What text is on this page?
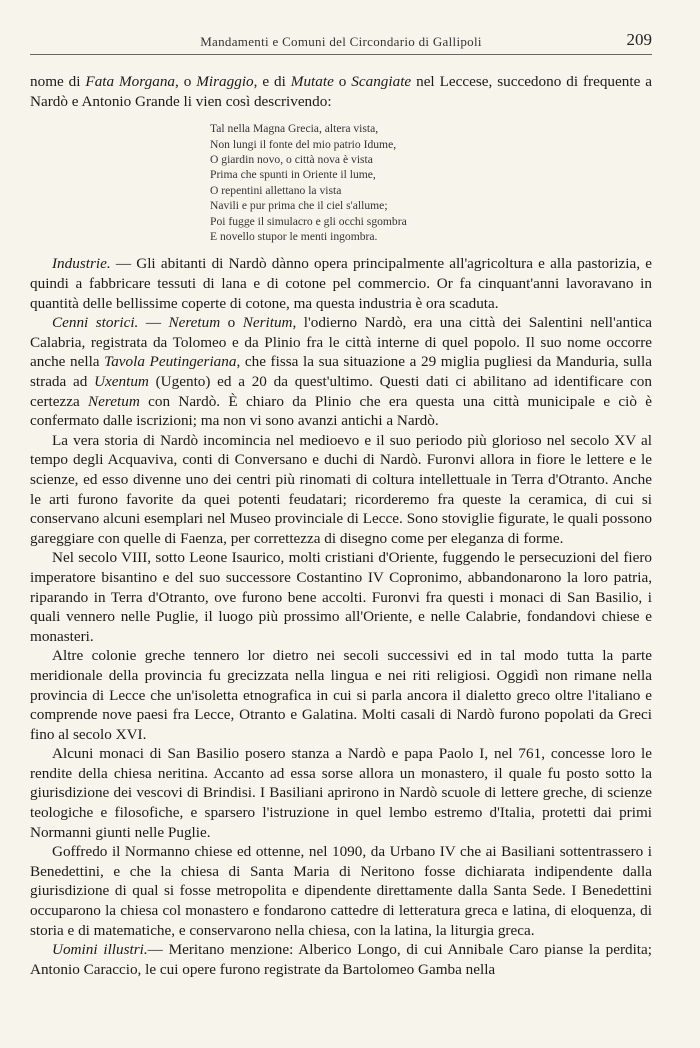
Mandamenti e Comuni del Circondario di Gallipoli	209

nome di Fata Morgana, o Miraggio, e di Mutate o Scangiate nel Leccese, succedono di frequente a Nardò e Antonio Grande li vien così descrivendo:

Tal nella Magna Grecia, altera vista,
Non lungi il fonte del mio patrio Idume,
O giardin novo, o città nova è vista
Prima che spunti in Oriente il lume,
O repentini allettano la vista
Navili e pur prima che il ciel s'allume;
Poi fugge il simulacro e gli occhi sgombra
E novello stupor le menti ingombra.

Industrie. — Gli abitanti di Nardò dànno opera principalmente all'agricoltura e alla pastorizia, e quindi a fabbricare tessuti di lana e di cotone pel commercio. Or fa cinquant'anni lavoravano in quantità delle bellissime coperte di cotone, ma questa industria è ora scaduta.

Cenni storici. — Neretum o Neritum, l'odierno Nardò, era una città dei Salentini nell'antica Calabria, registrata da Tolomeo e da Plinio fra le città interne di quel popolo. Il suo nome occorre anche nella Tavola Peutingeriana, che fissa la sua situazione a 29 miglia pugliesi da Manduria, sulla strada ad Uxentum (Ugento) ed a 20 da quest'ultimo. Questi dati ci abilitano ad identificare con certezza Neretum con Nardò. È chiaro da Plinio che era questa una città municipale e ciò è confermato dalle iscrizioni; ma non vi sono avanzi antichi a Nardò.

La vera storia di Nardò incomincia nel medioevo e il suo periodo più glorioso nel secolo XV al tempo degli Acquaviva, conti di Conversano e duchi di Nardò. Furonvi allora in fiore le lettere e le scienze, ed esso divenne uno dei centri più rinomati di coltura intellettuale in Terra d'Otranto. Anche le arti furono favorite da quei potenti feudatari; ricorderemo fra queste la ceramica, di cui si conservano alcuni esemplari nel Museo provinciale di Lecce. Sono stoviglie figurate, le quali possono gareggiare con quelle di Faenza, per correttezza di disegno come per eleganza di forme.

Nel secolo VIII, sotto Leone Isaurico, molti cristiani d'Oriente, fuggendo le persecuzioni del fiero imperatore bisantino e del suo successore Costantino IV Copronimo, abbandonarono la loro patria, riparando in Terra d'Otranto, ove furono bene accolti. Furonvi fra questi i monaci di San Basilio, i quali vennero nelle Puglie, il luogo più prossimo all'Oriente, e nelle Calabrie, fondandovi chiese e monasteri.

Altre colonie greche tennero lor dietro nei secoli successivi ed in tal modo tutta la parte meridionale della provincia fu grecizzata nella lingua e nei riti religiosi. Oggidì non rimane nella provincia di Lecce che un'isoletta etnografica in cui si parla ancora il dialetto greco oltre l'italiano e comprende nove paesi fra Lecce, Otranto e Galatina. Molti casali di Nardò furono popolati da Greci fino al secolo XVI.

Alcuni monaci di San Basilio posero stanza a Nardò e papa Paolo I, nel 761, concesse loro le rendite della chiesa neritina. Accanto ad essa sorse allora un monastero, il quale fu posto sotto la giurisdizione dei vescovi di Brindisi. I Basiliani aprirono in Nardò scuole di lettere greche, di scienze teologiche e filosofiche, e sparsero l'istruzione in quel lembo estremo d'Italia, protetti dai primi Normanni giunti nelle Puglie.

Goffredo il Normanno chiese ed ottenne, nel 1090, da Urbano IV che ai Basiliani sottentrassero i Benedettini, e che la chiesa di Santa Maria di Neritono fosse dichiarata indipendente dalla giurisdizione di qual si fosse metropolita e dipendente direttamente dalla Santa Sede. I Benedettini occuparono la chiesa col monastero e fondarono cattedre di letteratura greca e latina, di eloquenza, di storia e di matematiche, e conservarono nella chiesa, con la latina, la liturgia greca.

Uomini illustri.— Meritano menzione: Alberico Longo, di cui Annibale Caro pianse la perdita; Antonio Caraccio, le cui opere furono registrate da Bartolomeo Gamba nella
